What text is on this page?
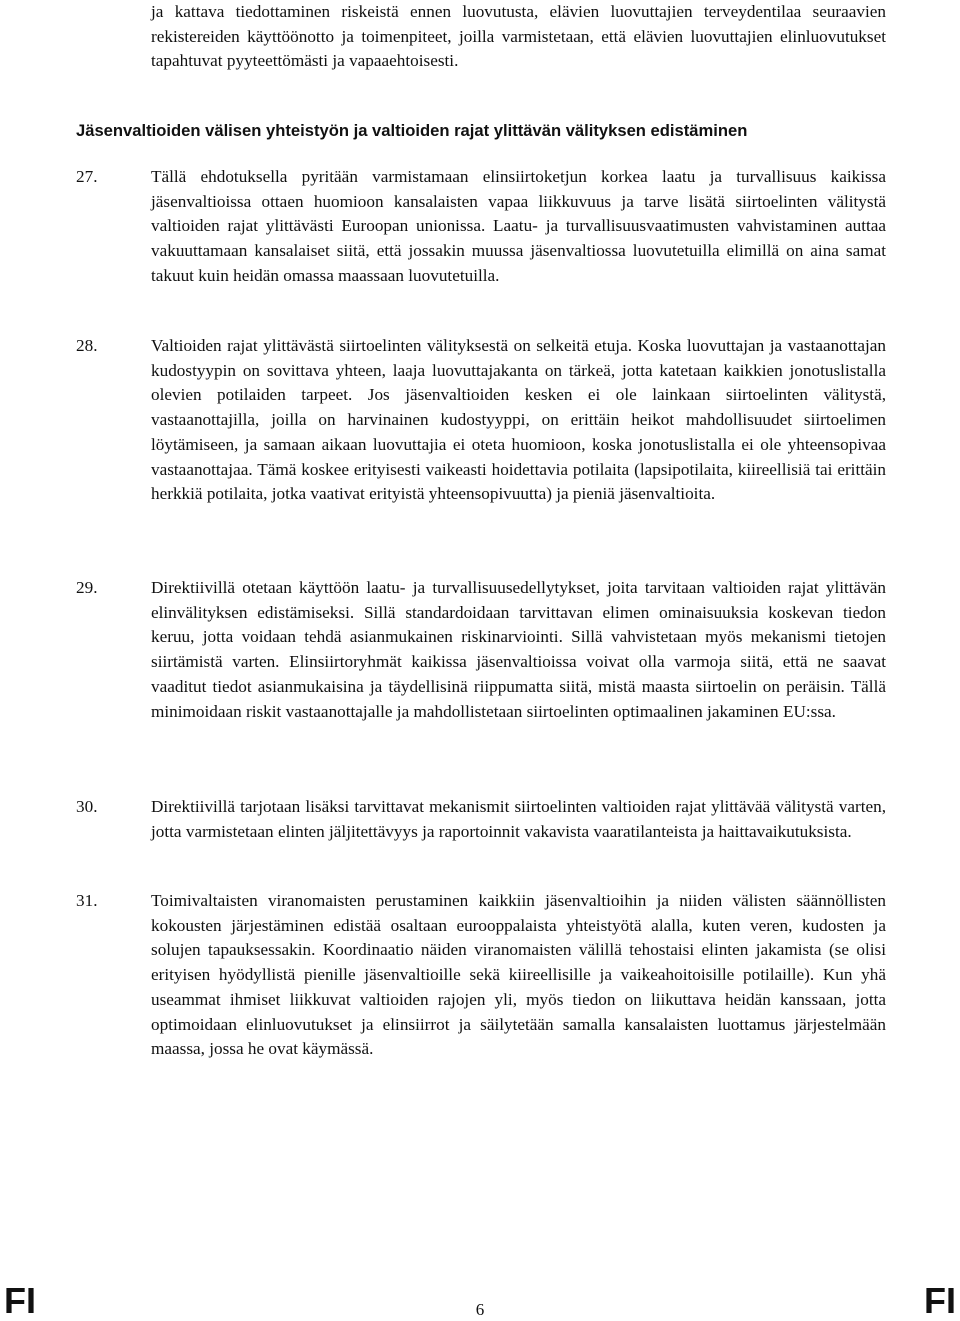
ja kattava tiedottaminen riskeistä ennen luovutusta, elävien luovuttajien terveydentilaa seuraavien rekistereiden käyttöönotto ja toimenpiteet, joilla varmistetaan, että elävien luovuttajien elinluovutukset tapahtuvat pyyteettömästi ja vapaaehtoisesti.
Jäsenvaltioiden välisen yhteistyön ja valtioiden rajat ylittävän välityksen edistäminen
27.	Tällä ehdotuksella pyritään varmistamaan elinsiirtoketjun korkea laatu ja turvallisuus kaikissa jäsenvaltioissa ottaen huomioon kansalaisten vapaa liikkuvuus ja tarve lisätä siirtoelinten välitystä valtioiden rajat ylittävästi Euroopan unionissa. Laatu- ja turvallisuusvaatimusten vahvistaminen auttaa vakuuttamaan kansalaiset siitä, että jossakin muussa jäsenvaltiossa luovutetuilla elimillä on aina samat takuut kuin heidän omassa maassaan luovutetuilla.
28.	Valtioiden rajat ylittävästä siirtoelinten välityksestä on selkeitä etuja. Koska luovuttajan ja vastaanottajan kudostyypin on sovittava yhteen, laaja luovuttajakanta on tärkeä, jotta katetaan kaikkien jonotuslistalla olevien potilaiden tarpeet. Jos jäsenvaltioiden kesken ei ole lainkaan siirtoelinten välitystä, vastaanottajilla, joilla on harvinainen kudostyyppi, on erittäin heikot mahdollisuudet siirtoelimen löytämiseen, ja samaan aikaan luovuttajia ei oteta huomioon, koska jonotuslistalla ei ole yhteensopivaa vastaanottajaa. Tämä koskee erityisesti vaikeasti hoidettavia potilaita (lapsipotilaita, kiireellisiä tai erittäin herkkiä potilaita, jotka vaativat erityistä yhteensopivuutta) ja pieniä jäsenvaltioita.
29.	Direktiivillä otetaan käyttöön laatu- ja turvallisuusedellytykset, joita tarvitaan valtioiden rajat ylittävän elinvälityksen edistämiseksi. Sillä standardoidaan tarvittavan elimen ominaisuuksia koskevan tiedon keruu, jotta voidaan tehdä asianmukainen riskinarviointi. Sillä vahvistetaan myös mekanismi tietojen siirtämistä varten. Elinsiirtoryhmät kaikissa jäsenvaltioissa voivat olla varmoja siitä, että ne saavat vaaditut tiedot asianmukaisina ja täydellisinä riippumatta siitä, mistä maasta siirtoelin on peräisin. Tällä minimoidaan riskit vastaanottajalle ja mahdollistetaan siirtoelinten optimaalinen jakaminen EU:ssa.
30.	Direktiivillä tarjotaan lisäksi tarvittavat mekanismit siirtoelinten valtioiden rajat ylittävää välitystä varten, jotta varmistetaan elinten jäljitettävyys ja raportoinnit vakavista vaaratilanteista ja haittavaikutuksista.
31.	Toimivaltaisten viranomaisten perustaminen kaikkiin jäsenvaltioihin ja niiden välisten säännöllisten kokousten järjestäminen edistää osaltaan eurooppalaista yhteistyötä alalla, kuten veren, kudosten ja solujen tapauksessakin. Koordinaatio näiden viranomaisten välillä tehostaisi elinten jakamista (se olisi erityisen hyödyllistä pienille jäsenvaltioille sekä kiireellisille ja vaikeahoitoisille potilaille). Kun yhä useammat ihmiset liikkuvat valtioiden rajojen yli, myös tiedon on liikuttava heidän kanssaan, jotta optimoidaan elinluovutukset ja elinsiirrot ja säilytetään samalla kansalaisten luottamus järjestelmään maassa, jossa he ovat käymässä.
FI	6	FI
